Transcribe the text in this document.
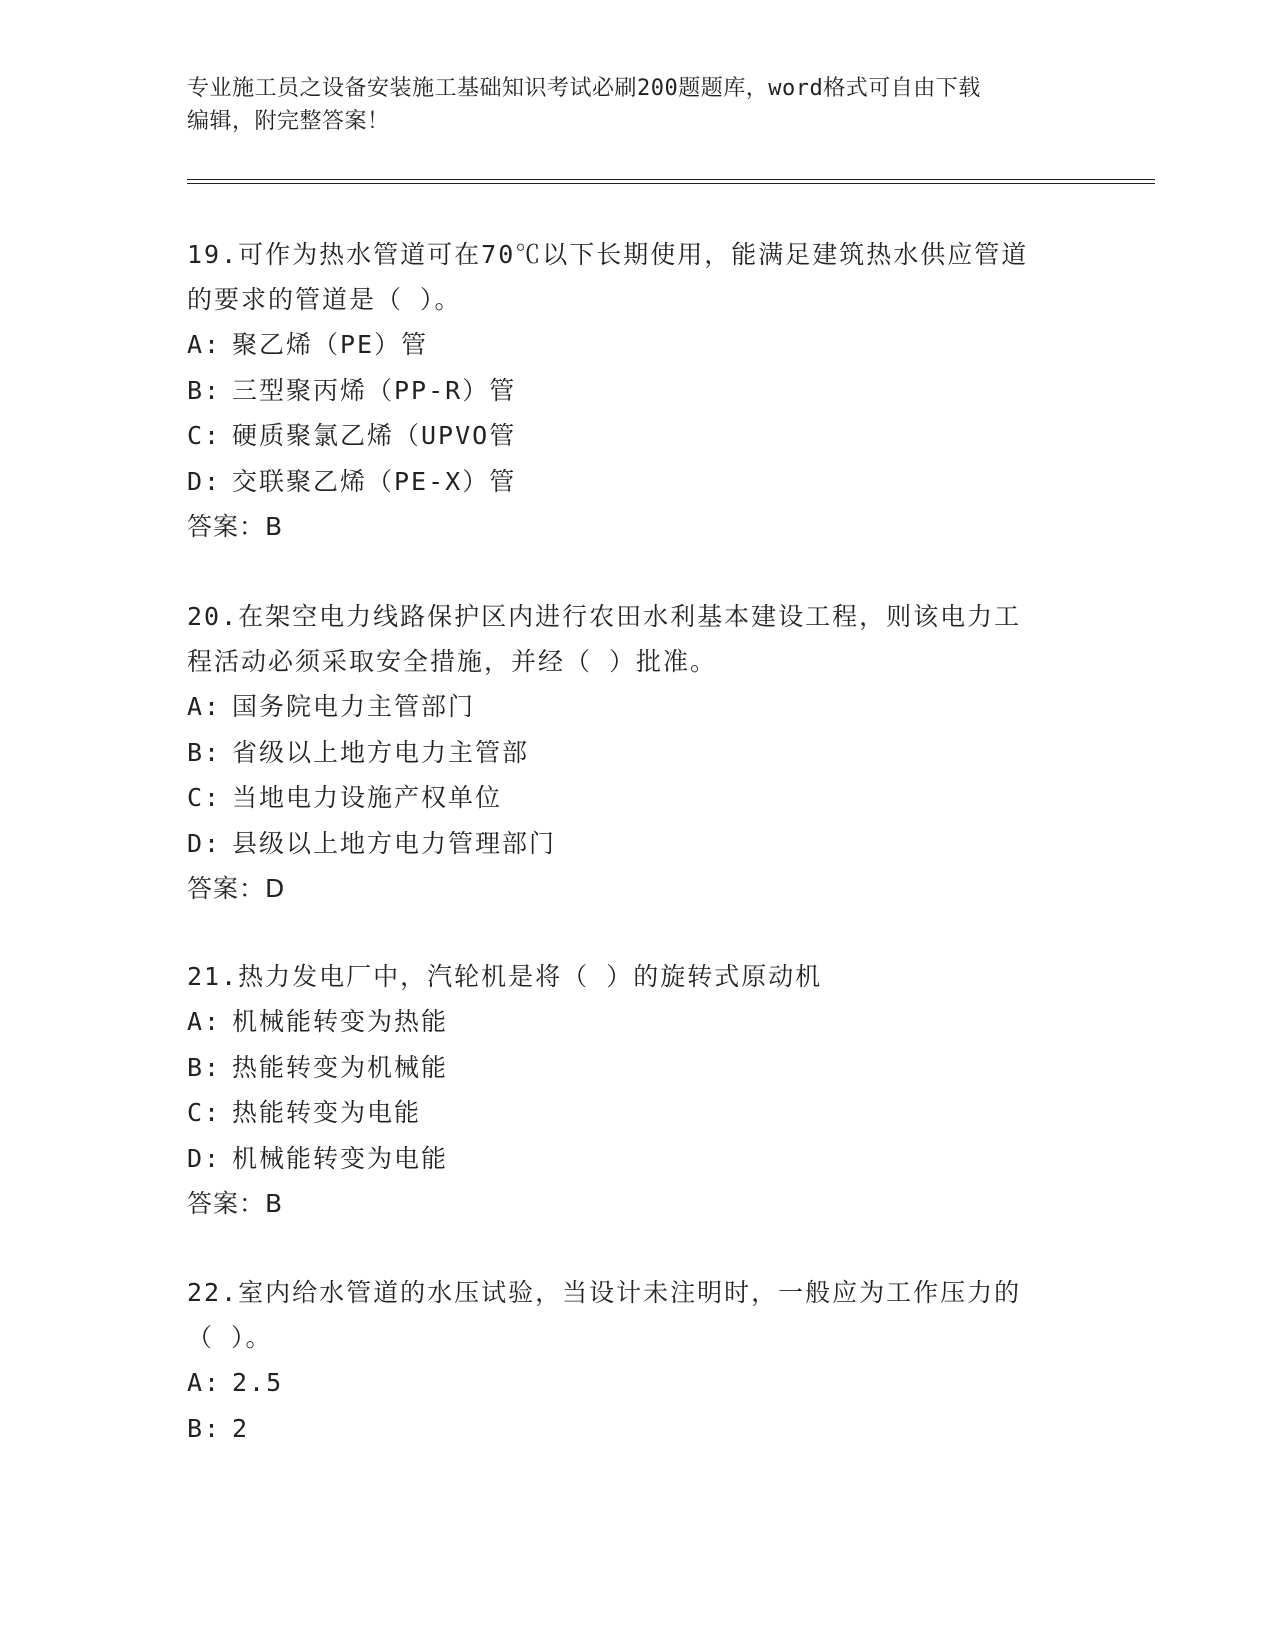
专业施工员之设备安装施工基础知识考试必刷200题题库，word格式可自由下载
编辑，附完整答案！

19.可作为热水管道可在70℃以下长期使用，能满足建筑热水供应管道

的要求的管道是（ ）。

A: 聚乙烯（PE）管

B: 三型聚丙烯（PP-R）管

C: 硬质聚氯乙烯（UPVO管

D: 交联聚乙烯（PE-X）管

答案：B

20.在架空电力线路保护区内进行农田水利基本建设工程，则该电力工

程活动必须采取安全措施，并经（ ）批准。

A: 国务院电力主管部门

B: 省级以上地方电力主管部

C: 当地电力设施产权单位

D: 县级以上地方电力管理部门

答案：D

21.热力发电厂中，汽轮机是将（ ）的旋转式原动机

A: 机械能转变为热能

B: 热能转变为机械能

C: 热能转变为电能

D: 机械能转变为电能

答案：B

22.室内给水管道的水压试验，当设计未注明时，一般应为工作压力的

（ ）。

A: 2.5

B: 2
